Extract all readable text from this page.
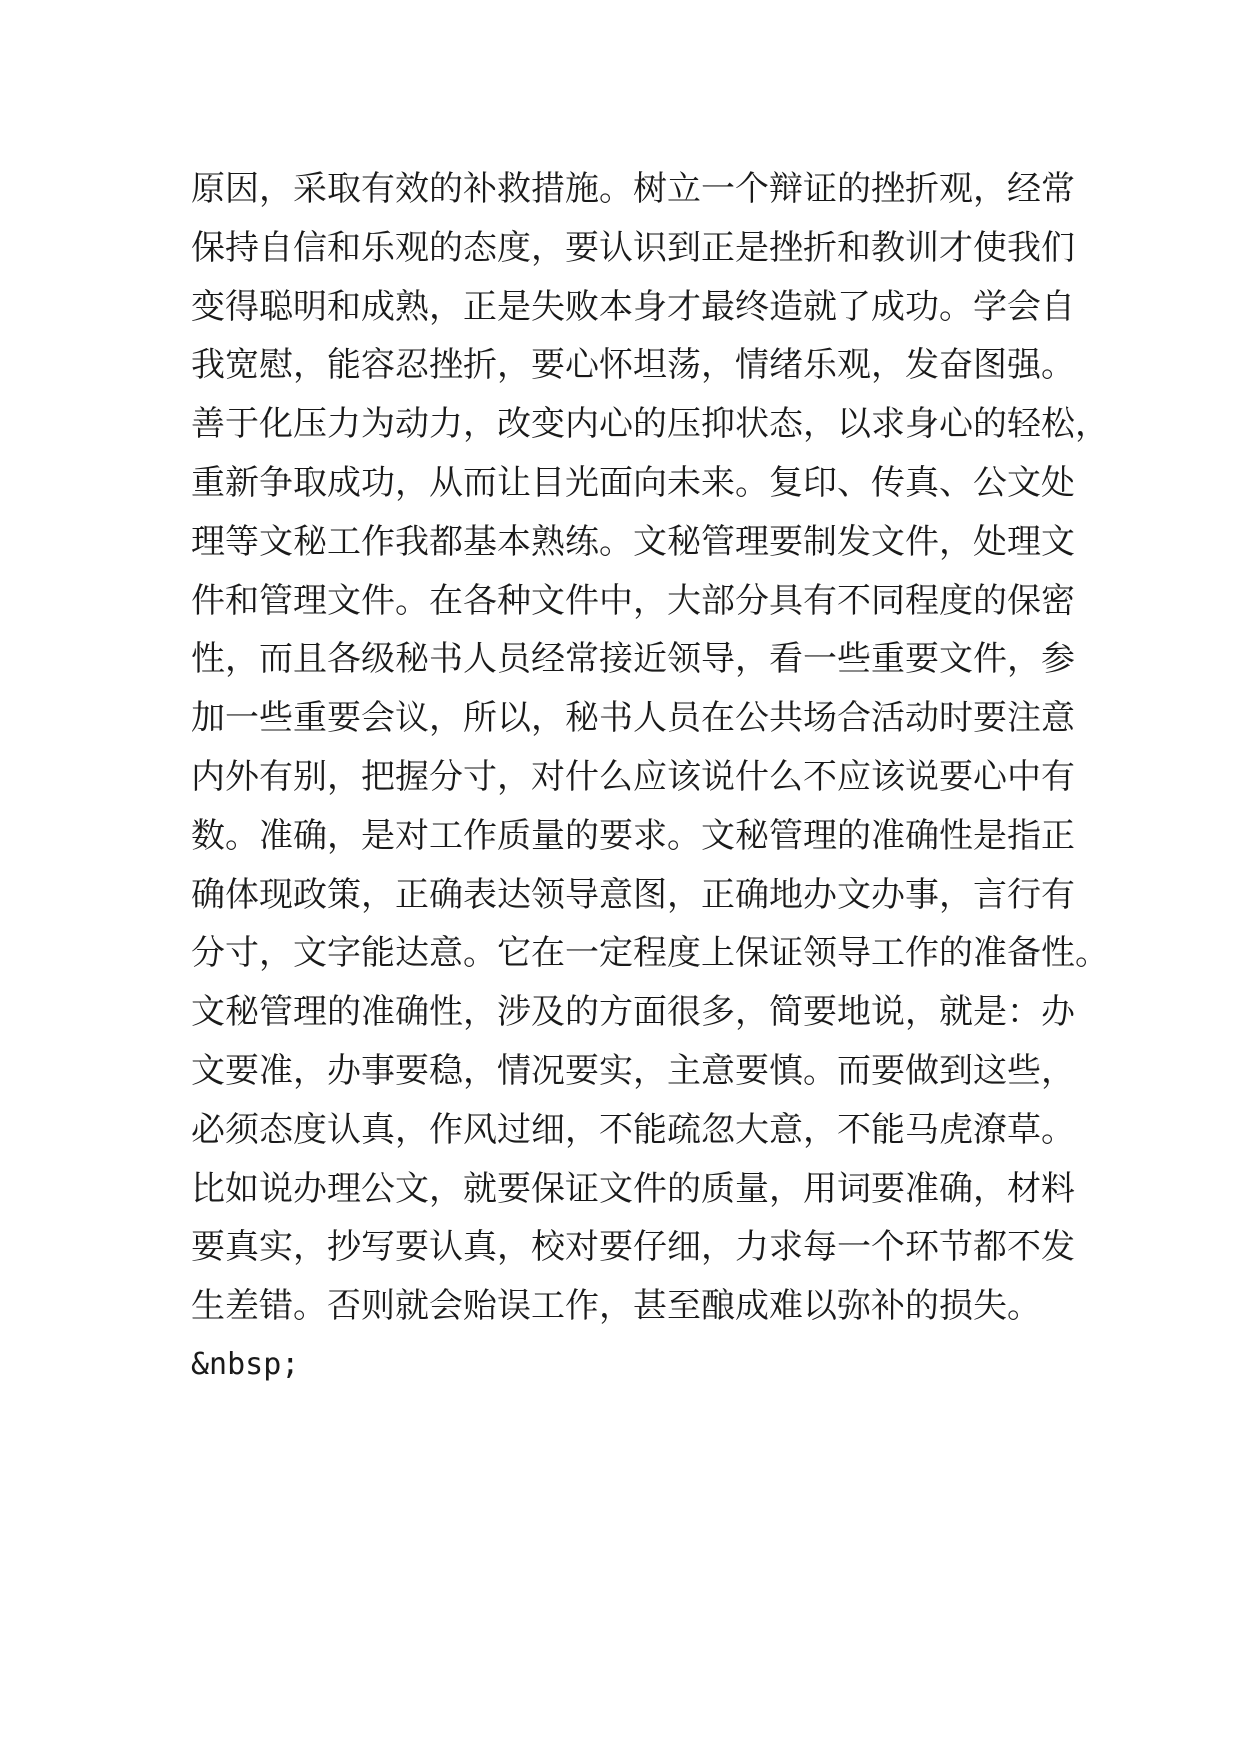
原因，采取有效的补救措施。树立一个辩证的挫折观，经常
保持自信和乐观的态度，要认识到正是挫折和教训才使我们
变得聪明和成熟，正是失败本身才最终造就了成功。学会自
我宽慰，能容忍挫折，要心怀坦荡，情绪乐观，发奋图强。
善于化压力为动力，改变内心的压抑状态，以求身心的轻松，
重新争取成功，从而让目光面向未来。复印、传真、公文处
理等文秘工作我都基本熟练。文秘管理要制发文件，处理文
件和管理文件。在各种文件中，大部分具有不同程度的保密
性，而且各级秘书人员经常接近领导，看一些重要文件，参
加一些重要会议，所以，秘书人员在公共场合活动时要注意
内外有别，把握分寸，对什么应该说什么不应该说要心中有
数。准确，是对工作质量的要求。文秘管理的准确性是指正
确体现政策，正确表达领导意图，正确地办文办事，言行有
分寸，文字能达意。它在一定程度上保证领导工作的准备性。
文秘管理的准确性，涉及的方面很多，简要地说，就是：办
文要准，办事要稳，情况要实，主意要慎。而要做到这些，
必须态度认真，作风过细，不能疏忽大意，不能马虎潦草。
比如说办理公文，就要保证文件的质量，用词要准确，材料
要真实，抄写要认真，校对要仔细，力求每一个环节都不发
生差错。否则就会贻误工作，甚至酿成难以弥补的损失。
&nbsp;
